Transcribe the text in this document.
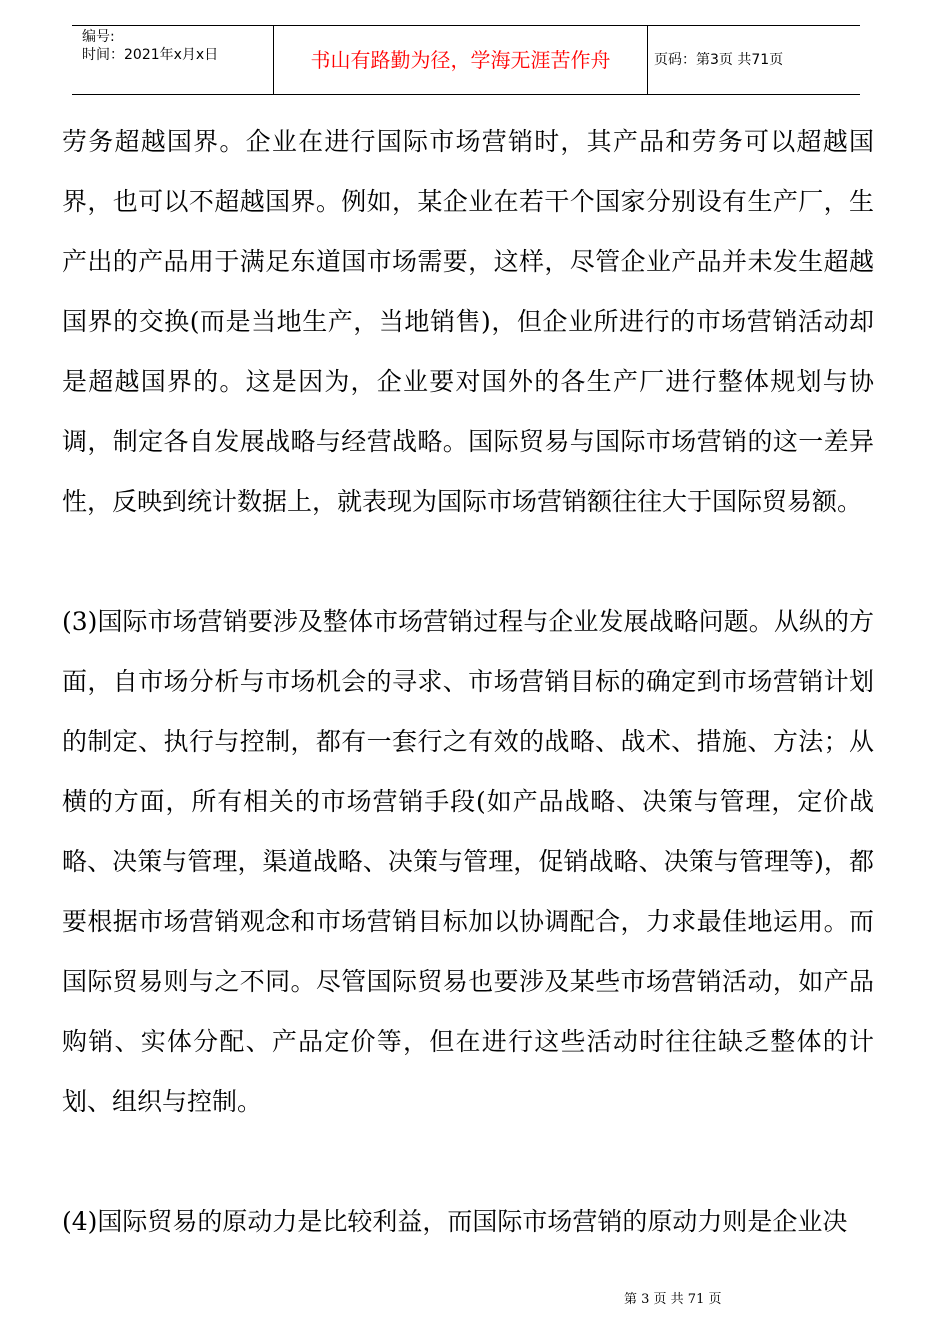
编号:
时间：2021年x月x日	书山有路勤为径，学海无涯苦作舟	页码：第3页 共71页

劳务超越国界。企业在进行国际市场营销时，其产品和劳务可以超越国界，也可以不超越国界。例如，某企业在若干个国家分别设有生产厂，生产出的产品用于满足东道国市场需要，这样，尽管企业产品并未发生超越国界的交换(而是当地生产，当地销售)，但企业所进行的市场营销活动却是超越国界的。这是因为，企业要对国外的各生产厂进行整体规划与协调，制定各自发展战略与经营战略。国际贸易与国际市场营销的这一差异性，反映到统计数据上，就表现为国际市场营销额往往大于国际贸易额。

(3)国际市场营销要涉及整体市场营销过程与企业发展战略问题。从纵的方面，自市场分析与市场机会的寻求、市场营销目标的确定到市场营销计划的制定、执行与控制，都有一套行之有效的战略、战术、措施、方法；从横的方面，所有相关的市场营销手段(如产品战略、决策与管理，定价战略、决策与管理，渠道战略、决策与管理，促销战略、决策与管理等)，都要根据市场营销观念和市场营销目标加以协调配合，力求最佳地运用。而国际贸易则与之不同。尽管国际贸易也要涉及某些市场营销活动，如产品购销、实体分配、产品定价等，但在进行这些活动时往往缺乏整体的计划、组织与控制。

(4)国际贸易的原动力是比较利益，而国际市场营销的原动力则是企业决

第 3 页 共 71 页
